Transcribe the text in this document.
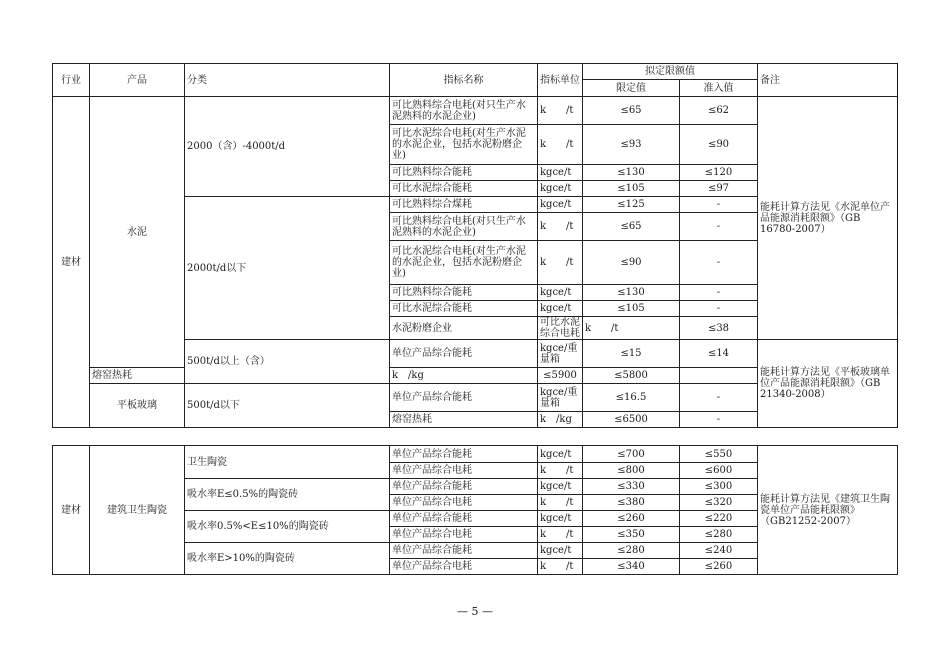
行业	产品	分类	指标名称	指标单位	拟定限额值		备注	
					限定值	准入值		
建材	水泥	2000（含）-4000t/d	可比熟料综合电耗(对只生产水泥熟料的水泥企业)	k　　/t	≤65	≤62	能耗计算方法见《水泥单位产品能源消耗限额》（GB 16780-2007）	
			可比水泥综合电耗(对生产水泥的水泥企业，包括水泥粉磨企业)	k　　/t	≤93	≤90		
			可比熟料综合能耗	kgce/t	≤130	≤120		
			可比水泥综合能耗	kgce/t	≤105	≤97		
		2000t/d以下	可比熟料综合煤耗	kgce/t	≤125	-		
			可比熟料综合电耗(对只生产水泥熟料的水泥企业)	k　　/t	≤65	-		
			可比水泥综合电耗(对生产水泥的水泥企业，包括水泥粉磨企业)	k　　/t	≤90	-		
			可比熟料综合能耗	kgce/t	≤130	-		
			可比水泥综合能耗	kgce/t	≤105	-		
			水泥粉磨企业	可比水泥综合电耗	k　　/t	≤38	
		500t/d以上（含）	单位产品综合能耗	kgce/重量箱	≤15	≤14	能耗计算方法见《平板玻璃单位产品能源消耗限额》（GB 21340-2008）	
	熔窑热耗		k　/kg	≤5900	≤5800			
	平板玻璃	500t/d以下	单位产品综合能耗	kgce/重量箱	≤16.5	-		
			熔窑热耗	k　/kg	≤6500	-		
建材	建筑卫生陶瓷	卫生陶瓷	单位产品综合能耗	kgce/t	≤700	≤550	能耗计算方法见《建筑卫生陶瓷单位产品能耗限额》（GB21252-2007）
			单位产品综合电耗	k　　/t	≤800	≤600	
		吸水率E≤0.5%的陶瓷砖	单位产品综合能耗	kgce/t	≤330	≤300	
			单位产品综合电耗	k　　/t	≤380	≤320	
		吸水率0.5%<E≤10%的陶瓷砖	单位产品综合能耗	kgce/t	≤260	≤220	
			单位产品综合电耗	k　　/t	≤350	≤280	
		吸水率E>10%的陶瓷砖	单位产品综合能耗	kgce/t	≤280	≤240	
			单位产品综合电耗	k　　/t	≤340	≤260	
— 5 —
